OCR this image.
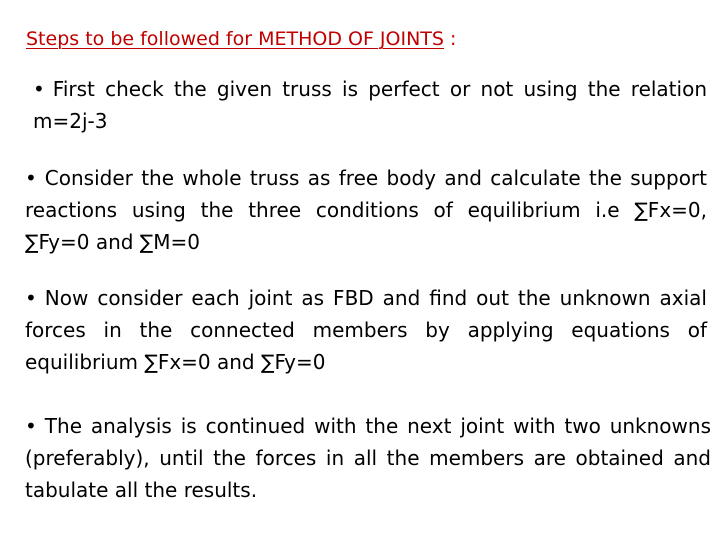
Steps to be followed for METHOD OF JOINTS :
• First check the given truss is perfect or not using the relation m=2j-3
• Consider the whole truss as free body and calculate the support reactions using the three conditions of equilibrium i.e ∑Fx=0, ∑Fy=0 and ∑M=0
• Now consider each joint as FBD and find out the unknown axial forces in the connected members by applying equations of equilibrium ∑Fx=0 and ∑Fy=0
• The analysis is continued with the next joint with two unknowns (preferably), until the forces in all the members are obtained and tabulate all the results.
